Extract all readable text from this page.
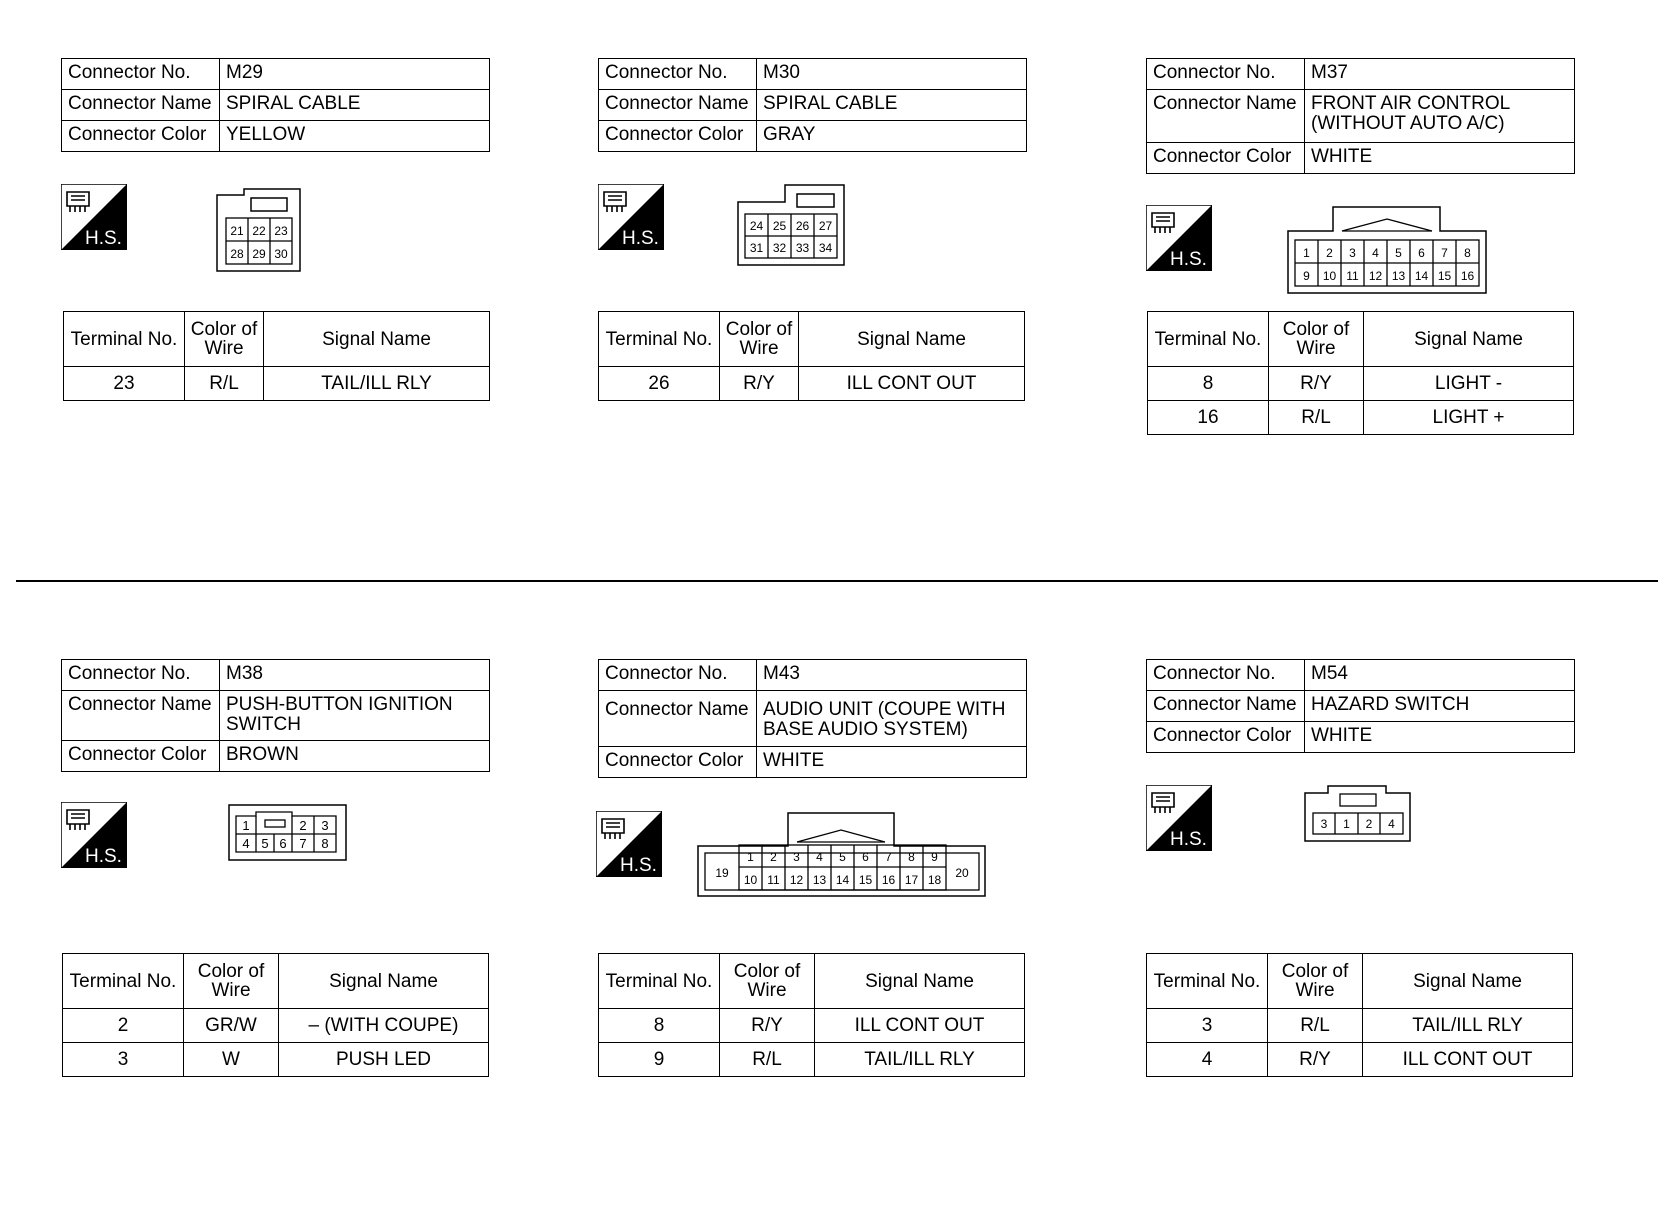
Connector No.	M29
Connector Name	SPIRAL CABLE
Connector Color	YELLOW
H.S.	21 22 23
28 29 30
Terminal No.	Color of Wire	Signal Name
23	R/L	TAIL/ILL RLY
Connector No.	M30
Connector Name	SPIRAL CABLE
Connector Color	GRAY
H.S.
24 25 26 27
31 32 33 34
Terminal No.	Color of Wire	Signal Name
26	R/Y	ILL CONT OUT
Connector No.	M37
Connector Name	FRONT AIR CONTROL (WITHOUT AUTO A/C)
Connector Color	WHITE
H.S.	1 2 3 4 5 6 7 8
9 10 11 12 13 14 15 16
Terminal No.	Color of Wire	Signal Name
8	R/Y	LIGHT -
16	R/L	LIGHT +
Connector No.	M38
Connector Name	PUSH-BUTTON IGNITION SWITCH
Connector Color	BROWN
H.S.
1	2 3
4 5 6 7 8
Terminal No.	Color of Wire	Signal Name
2	GR/W	– (WITH COUPE)
3	W	PUSH LED
Connector No.	M43
Connector Name	AUDIO UNIT (COUPE WITH BASE AUDIO SYSTEM)
Connector Color	WHITE
H.S.	1 2 3 4 5 6 7 8 9
10 11 12 13 14 15 16 17 18
19	20
Terminal No.	Color of Wire	Signal Name
8	R/Y	ILL CONT OUT
9	R/L	TAIL/ILL RLY
Connector No.	M54
Connector Name	HAZARD SWITCH
Connector Color	WHITE
H.S.
3 1 2 4
Terminal No.	Color of Wire	Signal Name
3	R/L	TAIL/ILL RLY
4	R/Y	ILL CONT OUT
